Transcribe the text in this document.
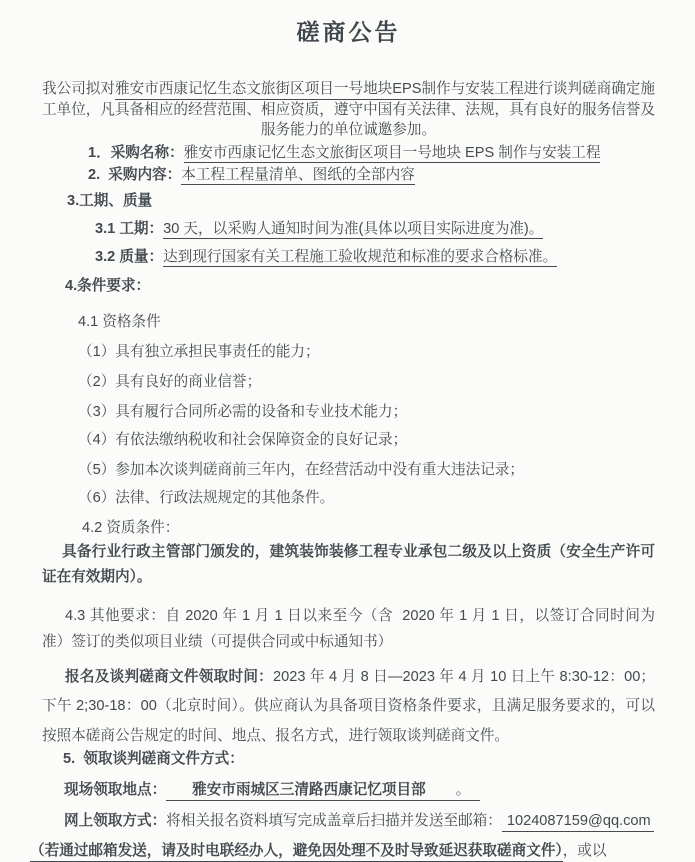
磋商公告

我公司拟对雅安市西康记忆生态文旅街区项目一号地块EPS制作与安装工程进行谈判磋商确定施工单位，凡具备相应的经营范围、相应资质，遵守中国有关法律、法规，具有良好的服务信誉及服务能力的单位诚邀参加。

1．采购名称：雅安市西康记忆生态文旅街区项目一号地块 EPS 制作与安装工程
2.  采购内容：本工程工程量清单、图纸的全部内容
3.工期、质量
3.1 工期：30 天，以采购人通知时间为准(具体以项目实际进度为准)。
3.2 质量：达到现行国家有关工程施工验收规范和标准的要求合格标准。
4.条件要求：
4.1 资格条件
（1）具有独立承担民事责任的能力；
（2）具有良好的商业信誉；
（3）具有履行合同所必需的设备和专业技术能力；
（4）有依法缴纳税收和社会保障资金的良好记录；
（5）参加本次谈判磋商前三年内，在经营活动中没有重大违法记录；
（6）法律、行政法规规定的其他条件。
4.2 资质条件：

具备行业行政主管部门颁发的，建筑装饰装修工程专业承包二级及以上资质（安全生产许可证在有效期内）。

4.3 其他要求：自 2020 年 1 月 1 日以来至今（含  2020 年 1 月 1 日，以签订合同时间为准）签订的类似项目业绩（可提供合同或中标通知书）

报名及谈判磋商文件领取时间：2023 年 4 月 8 日—2023 年 4 月 10 日上午 8:30-12：00；下午 2;30-18：00（北京时间）。供应商认为具备项目资格条件要求，且满足服务要求的，可以按照本磋商公告规定的时间、地点、报名方式，进行领取谈判磋商文件。

5.  领取谈判磋商文件方式：
现场领取地点： 雅安市雨城区三清路西康记忆项目部 。
网上领取方式：将相关报名资料填写完成盖章后扫描并发送至邮箱： 1024087159@qq.com
（若通过邮箱发送，请及时电联经办人，避免因处理不及时导致延迟获取磋商文件），或以
